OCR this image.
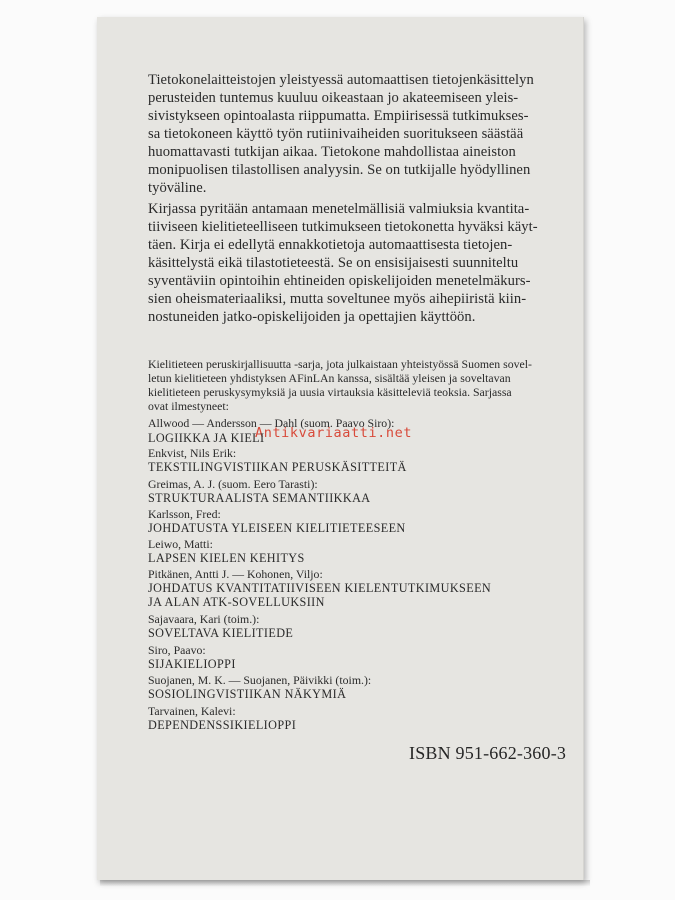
Tietokonelaitteistojen yleistyessä automaattisen tietojenkäsittelyn
perusteiden tuntemus kuuluu oikeastaan jo akateemiseen yleis-
sivistykseen opintoalasta riippumatta. Empiirisessä tutkimukses-
sa tietokoneen käyttö työn rutiinivaiheiden suoritukseen säästää
huomattavasti tutkijan aikaa. Tietokone mahdollistaa aineiston
monipuolisen tilastollisen analyysin. Se on tutkijalle hyödyllinen
työväline.
Kirjassa pyritään antamaan menetelmällisiä valmiuksia kvantita-
tiiviseen kielitieteelliseen tutkimukseen tietokonetta hyväksi käyt-
täen. Kirja ei edellytä ennakkotietoja automaattisesta tietojen-
käsittelystä eikä tilastotieteestä. Se on ensisijaisesti suunniteltu
syventäviin opintoihin ehtineiden opiskelijoiden menetelmäkurs-
sien oheismateriaaliksi, mutta soveltunee myös aihepiiristä kiin-
nostuneiden jatko-opiskelijoiden ja opettajien käyttöön.
Kielitieteen peruskirjallisuutta -sarja, jota julkaistaan yhteistyössä Suomen sovel-
letun kielitieteen yhdistyksen AFinLAn kanssa, sisältää yleisen ja soveltavan
kielitieteen peruskysymyksiä ja uusia virtauksia käsitteleviä teoksia. Sarjassa
ovat ilmestyneet:
Antikvariaatti.net
Allwood — Andersson — Dahl (suom. Paavo Siro):
LOGIIKKA JA KIELI
Enkvist, Nils Erik:
TEKSTILINGVISTIIKAN PERUSKÄSITTEITÄ
Greimas, A. J. (suom. Eero Tarasti):
STRUKTURAALISTA SEMANTIIKKAA
Karlsson, Fred:
JOHDATUSTA YLEISEEN KIELITIETEESEEN
Leiwo, Matti:
LAPSEN KIELEN KEHITYS
Pitkänen, Antti J. — Kohonen, Viljo:
JOHDATUS KVANTITATIIVISEEN KIELENTUTKIMUKSEEN
JA ALAN ATK-SOVELLUKSIIN
Sajavaara, Kari (toim.):
SOVELTAVA KIELITIEDE
Siro, Paavo:
SIJAKIELIOPPI
Suojanen, M. K. — Suojanen, Päivikki (toim.):
SOSIOLINGVISTIIKAN NÄKYMIÄ
Tarvainen, Kalevi:
DEPENDENSSIKIELIOPPI
ISBN 951-662-360-3
